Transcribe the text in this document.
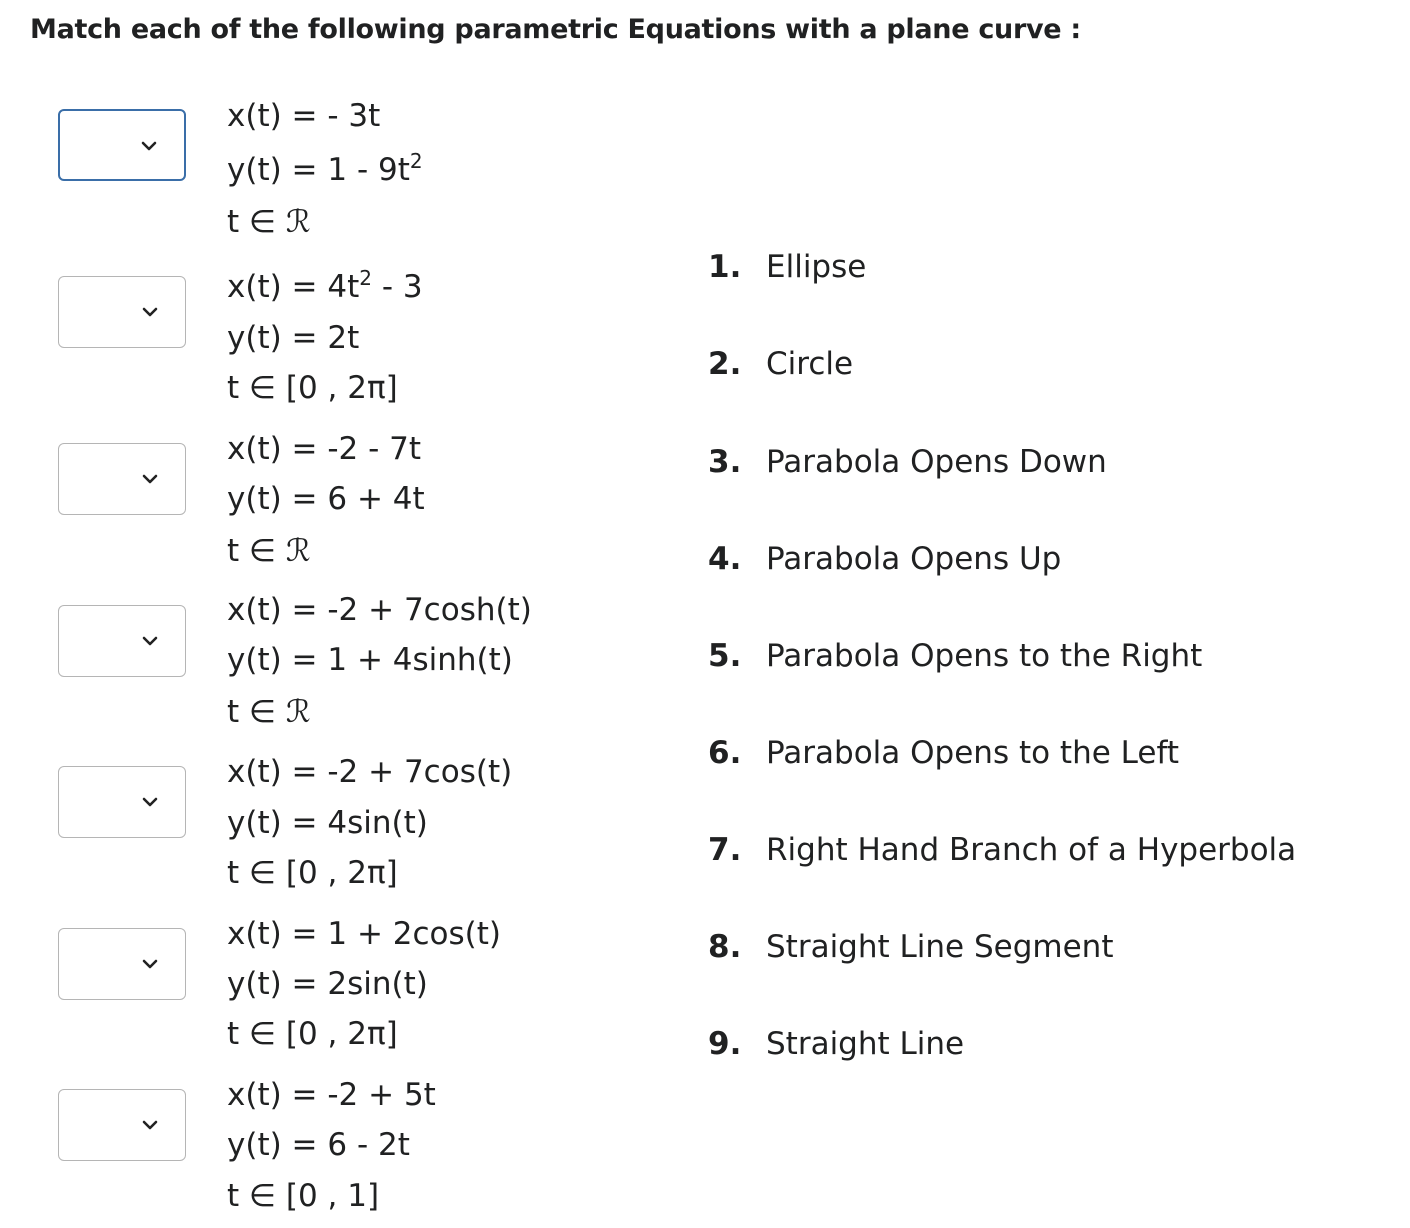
Match each of the following parametric Equations with a plane curve :
x(t) = - 3t
$y(t) = 1 - 9t^2$
t ∈ ℛ
$x(t) = 4t^2 - 3$
y(t) = 2t
t ∈ [0 , 2π]
x(t) = -2 - 7t
y(t) = 6 + 4t
t ∈ ℛ
x(t) = -2 + 7cosh(t)
y(t) = 1 + 4sinh(t)
t ∈ ℛ
x(t) = -2 + 7cos(t)
y(t) = 4sin(t)
t ∈ [0 , 2π]
x(t) = 1 + 2cos(t)
y(t) = 2sin(t)
t ∈ [0 , 2π]
x(t) = -2 + 5t
y(t) = 6 - 2t
t ∈ [0 , 1]
1. Ellipse
2. Circle
3. Parabola Opens Down
4. Parabola Opens Up
5. Parabola Opens to the Right
6. Parabola Opens to the Left
7. Right Hand Branch of a Hyperbola
8. Straight Line Segment
9. Straight Line
